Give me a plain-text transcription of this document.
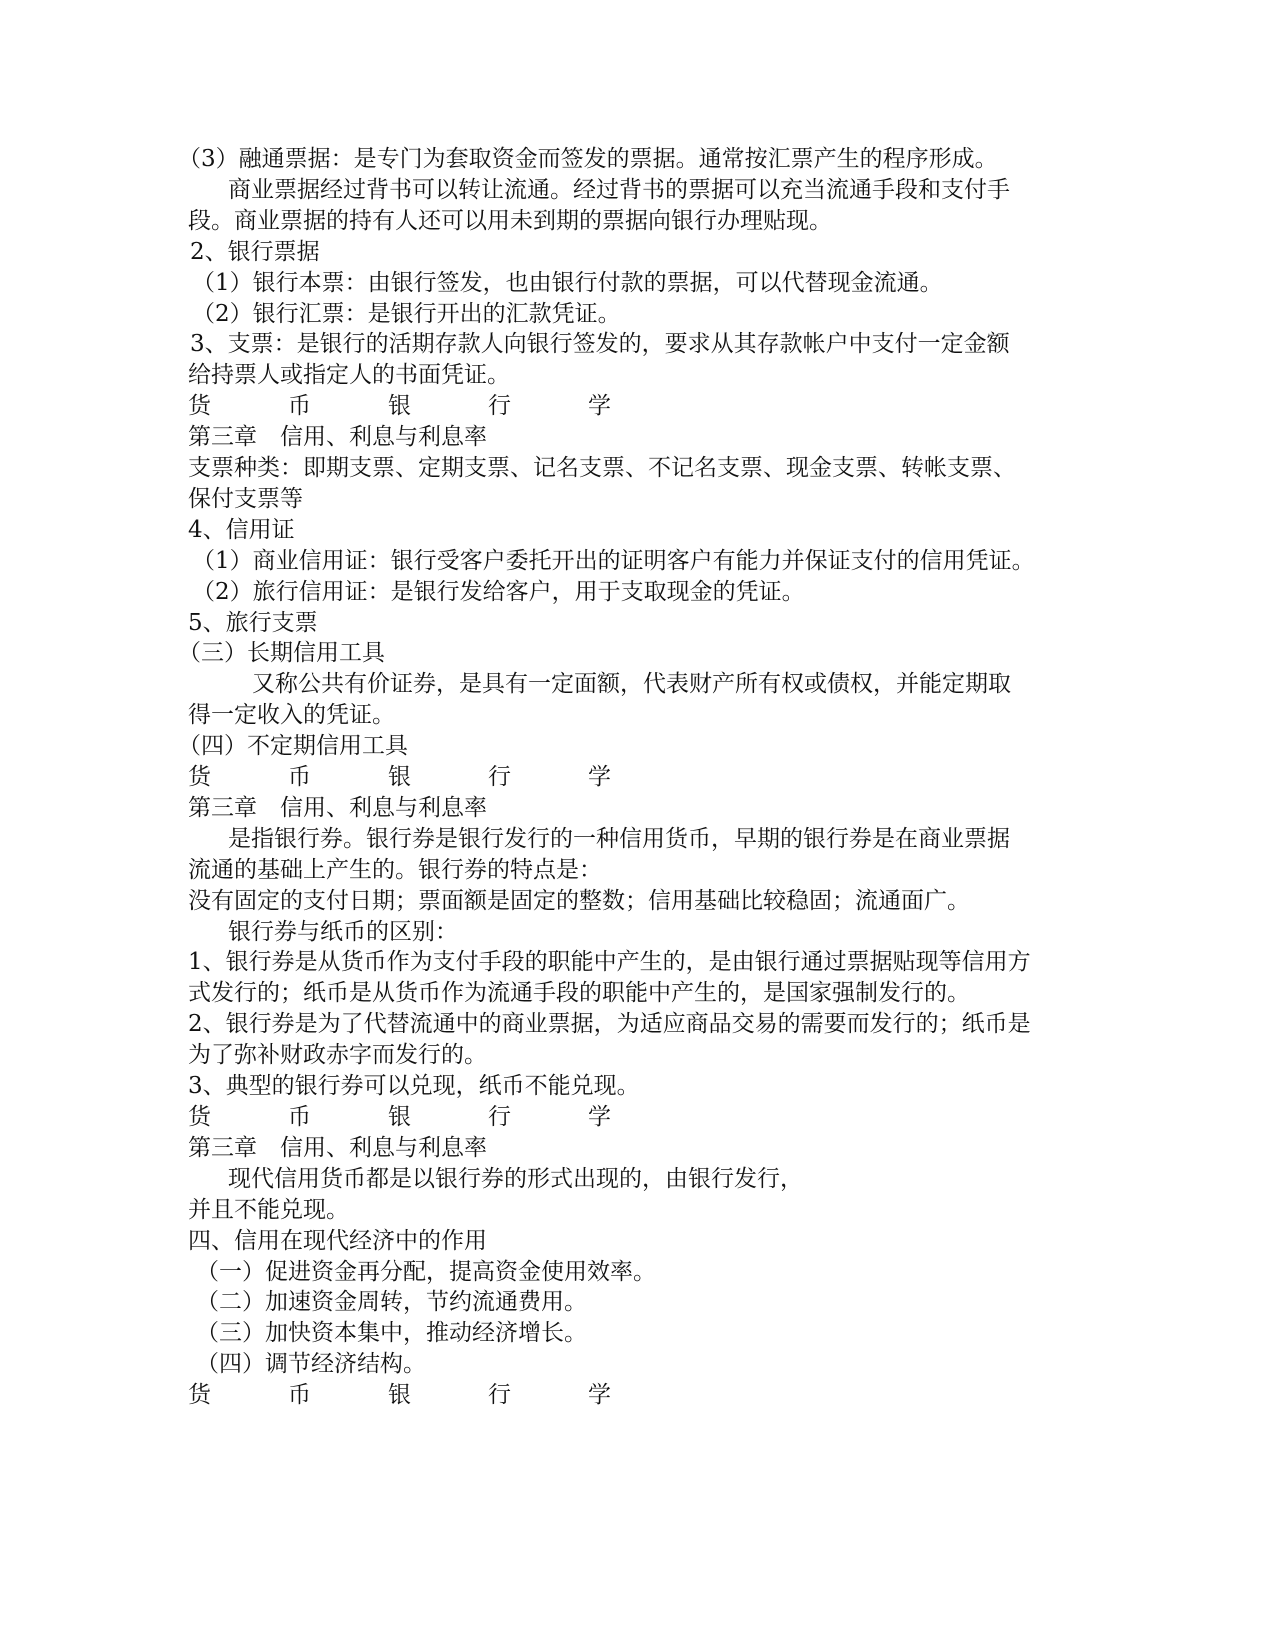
（3）融通票据：是专门为套取资金而签发的票据。通常按汇票产生的程序形成。
商业票据经过背书可以转让流通。经过背书的票据可以充当流通手段和支付手
段。商业票据的持有人还可以用未到期的票据向银行办理贴现。
2、银行票据
（1）银行本票：由银行签发，也由银行付款的票据，可以代替现金流通。
（2）银行汇票：是银行开出的汇款凭证。
3、支票：是银行的活期存款人向银行签发的，要求从其存款帐户中支付一定金额
给持票人或指定人的书面凭证。
货	币	银	行	学
第三章　信用、利息与利息率
支票种类：即期支票、定期支票、记名支票、不记名支票、现金支票、转帐支票、
保付支票等
4、信用证
（1）商业信用证：银行受客户委托开出的证明客户有能力并保证支付的信用凭证。
（2）旅行信用证：是银行发给客户，用于支取现金的凭证。
5、旅行支票
（三）长期信用工具
又称公共有价证券，是具有一定面额，代表财产所有权或债权，并能定期取
得一定收入的凭证。
（四）不定期信用工具
货	币	银	行	学
第三章　信用、利息与利息率
是指银行券。银行券是银行发行的一种信用货币，早期的银行券是在商业票据
流通的基础上产生的。银行券的特点是：
没有固定的支付日期；票面额是固定的整数；信用基础比较稳固；流通面广。
银行券与纸币的区别：
1、银行券是从货币作为支付手段的职能中产生的，是由银行通过票据贴现等信用方
式发行的；纸币是从货币作为流通手段的职能中产生的，是国家强制发行的。
2、银行券是为了代替流通中的商业票据，为适应商品交易的需要而发行的；纸币是
为了弥补财政赤字而发行的。
3、典型的银行券可以兑现，纸币不能兑现。
货	币	银	行	学
第三章　信用、利息与利息率
现代信用货币都是以银行券的形式出现的，由银行发行，
并且不能兑现。
四、信用在现代经济中的作用
（一）促进资金再分配，提高资金使用效率。
（二）加速资金周转，节约流通费用。
（三）加快资本集中，推动经济增长。
（四）调节经济结构。
货	币	银	行	学
